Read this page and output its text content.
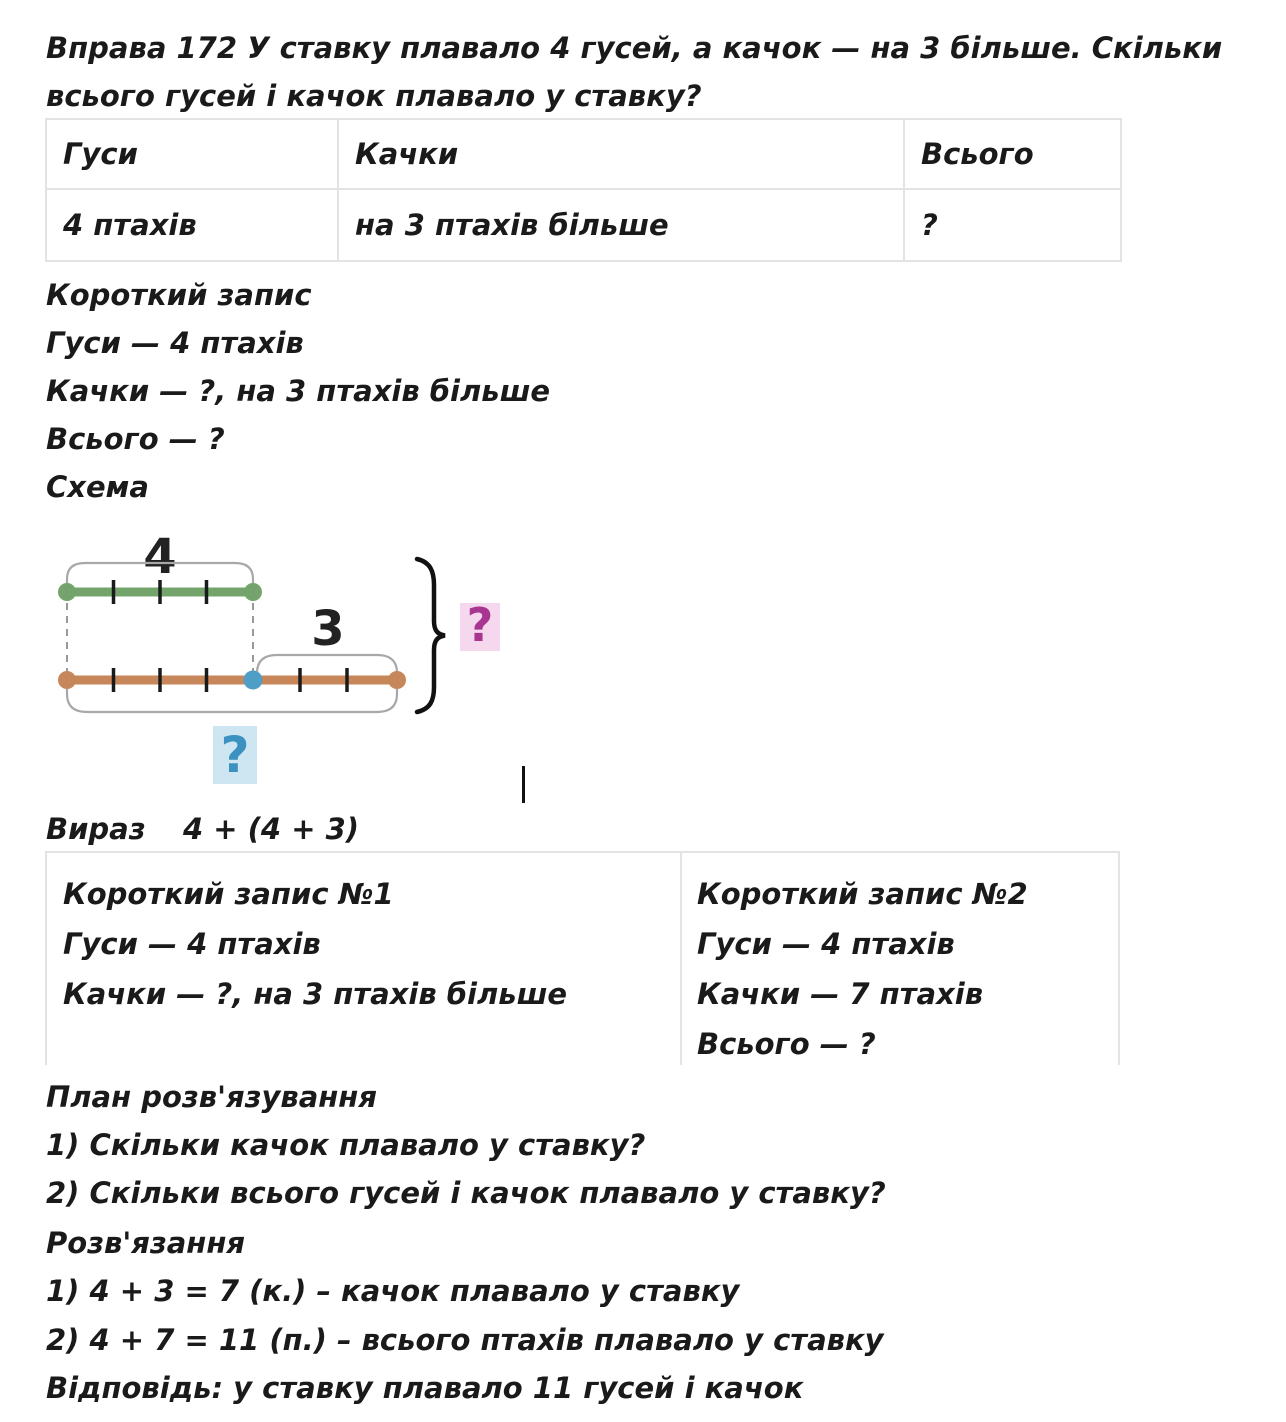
Вправа 172 У ставку плавало 4 гусей, а качок — на 3 більше. Скільки всього гусей і качок плавало у ставку?
Гуси	Качки	Всього
4 птахів	на 3 птахів більше	?
Короткий запис
Гуси — 4 птахів
Качки — ?, на 3 птахів більше
Всього — ?
Схема
4
3	?
?
Вираз 4 + (4 + 3)
Короткий запис №1
Гуси — 4 птахів
Качки — ?, на 3 птахів більше
Короткий запис №2
Гуси — 4 птахів
Качки — 7 птахів
Всього — ?
План розв'язування
1) Скільки качок плавало у ставку?
2) Скільки всього гусей і качок плавало у ставку?
Розв'язання
1) 4 + 3 = 7 (к.) – качок плавало у ставку
2) 4 + 7 = 11 (п.) – всього птахів плавало у ставку
Відповідь: у ставку плавало 11 гусей і качок
